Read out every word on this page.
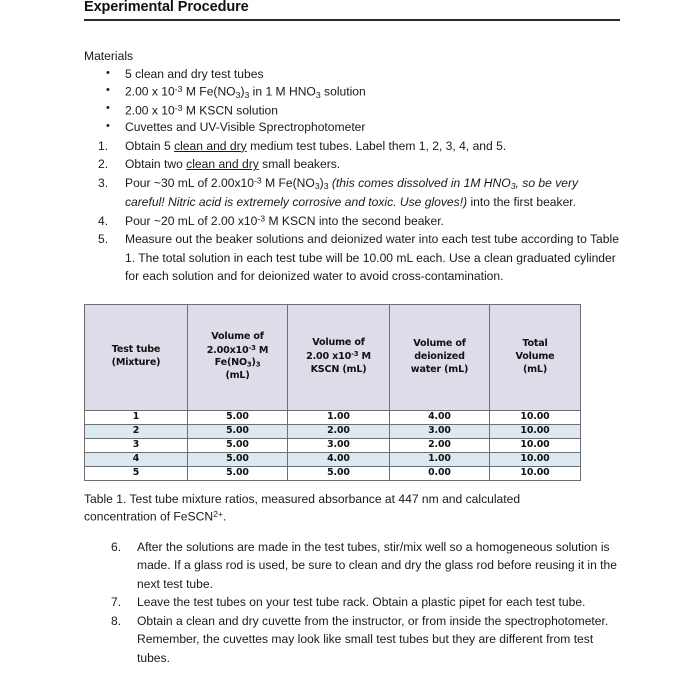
Experimental Procedure

Materials

• 5 clean and dry test tubes
• 2.00 x $10^{-3}$ M $Fe(NO_3)_3$ in 1 M $HNO_3$ solution
• 2.00 x $10^{-3}$ M KSCN solution
• Cuvettes and UV-Visible Sprectrophotometer
1.	Obtain 5 clean and dry medium test tubes. Label them 1, 2, 3, 4, and 5.
2.	Obtain two clean and dry small beakers.
3.	Pour ~30 mL of $2.00x10^{-3}$ M $Fe(NO_3)_3$ (this comes dissolved in 1M $HNO_3$, so be very careful! Nitric acid is extremely corrosive and toxic. Use gloves!) into the first beaker.
4.	Pour ~20 mL of 2.00 $x10^{-3}$ M KSCN into the second beaker.
5.	Measure out the beaker solutions and deionized water into each test tube according to Table 1. The total solution in each test tube will be 10.00 mL each. Use a clean graduated cylinder for each solution and for deionized water to avoid cross-contamination.
Test tube
(Mixture)	Volume of
$2.00x10^{-3}$ M
$Fe(NO_3)_3$
(mL)	Volume of
2.00 $x10^{-3}$ M
KSCN (mL)	Volume of
deionized
water (mL)	Total
Volume
(mL)
1	5.00	1.00	4.00	10.00
2	5.00	2.00	3.00	10.00
3	5.00	3.00	2.00	10.00
4	5.00	4.00	1.00	10.00
5	5.00	5.00	0.00	10.00

Table 1. Test tube mixture ratios, measured absorbance at 447 nm and calculated concentration of FeSCN$^{2+}$.

6.	After the solutions are made in the test tubes, stir/mix well so a homogeneous solution is made. If a glass rod is used, be sure to clean and dry the glass rod before reusing it in the next test tube.
7.	Leave the test tubes on your test tube rack. Obtain a plastic pipet for each test tube.
8.	Obtain a clean and dry cuvette from the instructor, or from inside the spectrophotometer. Remember, the cuvettes may look like small test tubes but they are different from test tubes.
